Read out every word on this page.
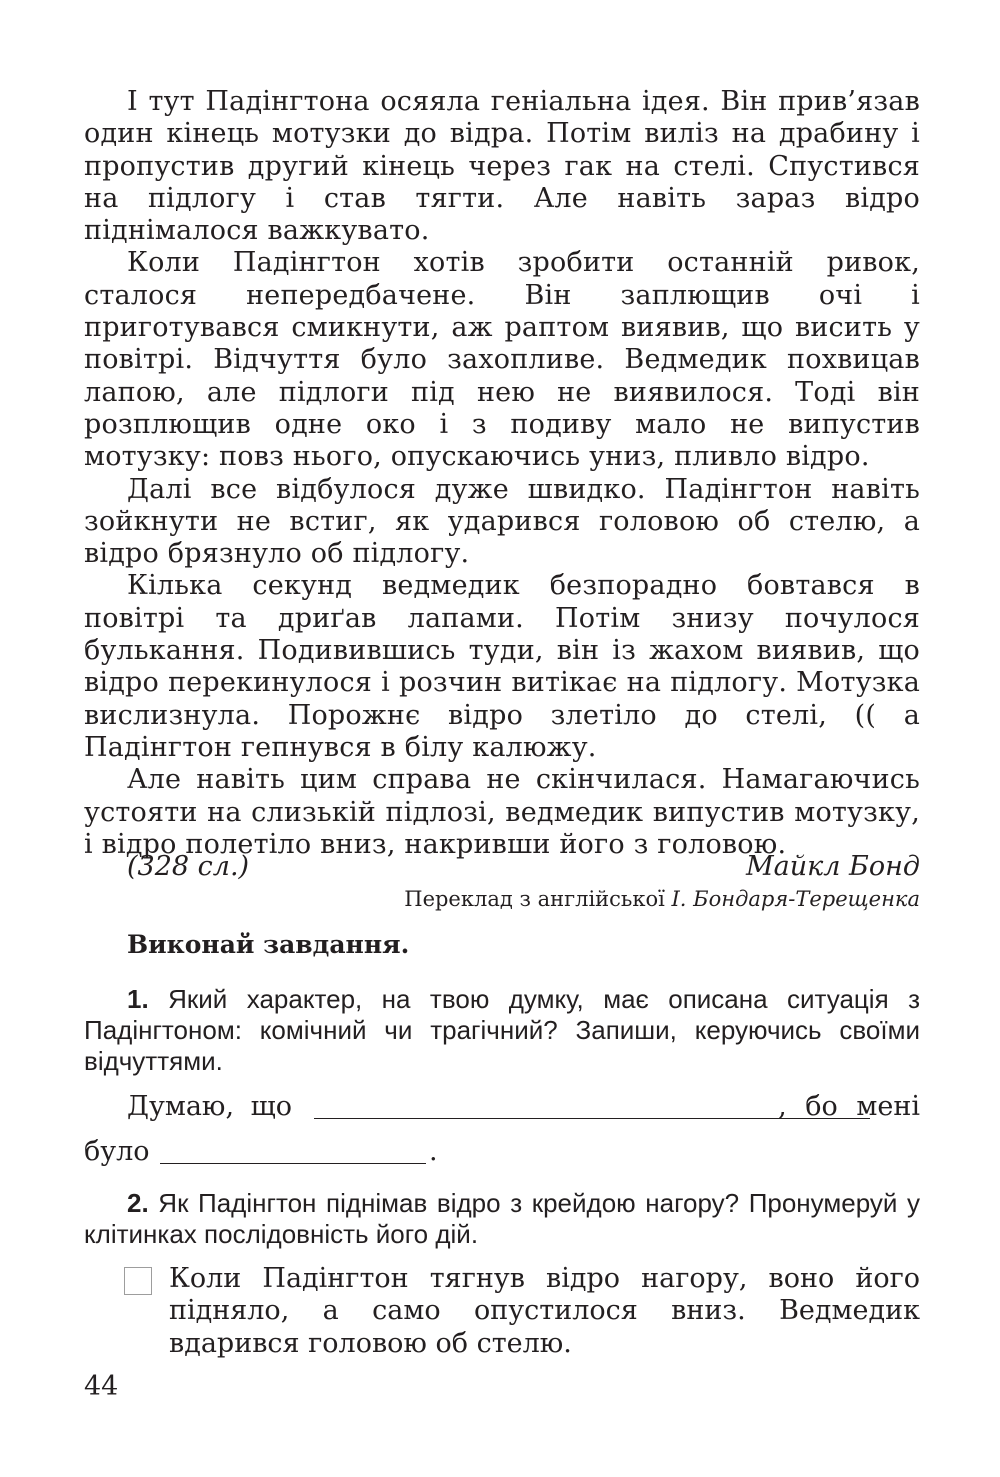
І тут Падінгтона осяяла геніальна ідея. Він прив’язав один кінець мотузки до відра. Потім виліз на драбину і пропустив другий кінець через гак на стелі. Спустився на підлогу і став тягти. Але навіть зараз відро піднімалося важкувато.

Коли Падінгтон хотів зробити останній ривок, сталося непередбачене. Він заплющив очі і приготувався смикнути, аж раптом виявив, що висить у повітрі. Відчуття було захопливе. Ведмедик похвицав лапою, але підлоги під нею не виявилося. Тоді він розплющив одне око і з подиву мало не випустив мотузку: повз нього, опускаючись униз, пливло відро.

Далі все відбулося дуже швидко. Падінгтон навіть зойкнути не встиг, як ударився головою об стелю, а відро брязнуло об підлогу.

Кілька секунд ведмедик безпорадно бовтався в повітрі та дриґав лапами. Потім знизу почулося булькання. Подивившись туди, він із жахом виявив, що відро перекинулося і розчин витікає на підлогу. Мотузка вислизнула. Порожнє відро злетіло до стелі, (( а Падінгтон гепнувся в білу калюжу.

Але навіть цим справа не скінчилася. Намагаючись устояти на слизькій підлозі, ведмедик випустив мотузку, і відро полетіло вниз, накривши його з головою.

(328 сл.)	Майкл Бонд
Переклад з англійської І. Бондаря-Терещенка
Виконай завдання.

1. Який характер, на твою думку, має описана ситуація з Падінгтоном: комічний чи трагічний? Запиши, керуючись своїми відчуттями.

Думаю, що	, бо мені
було	.

2. Як Падінгтон піднімав відро з крейдою нагору? Пронумеруй у клітинках послідовність його дій.

Коли Падінгтон тягнув відро нагору, воно його підняло, а само опустилося вниз. Ведмедик вдарився головою об стелю.
44
